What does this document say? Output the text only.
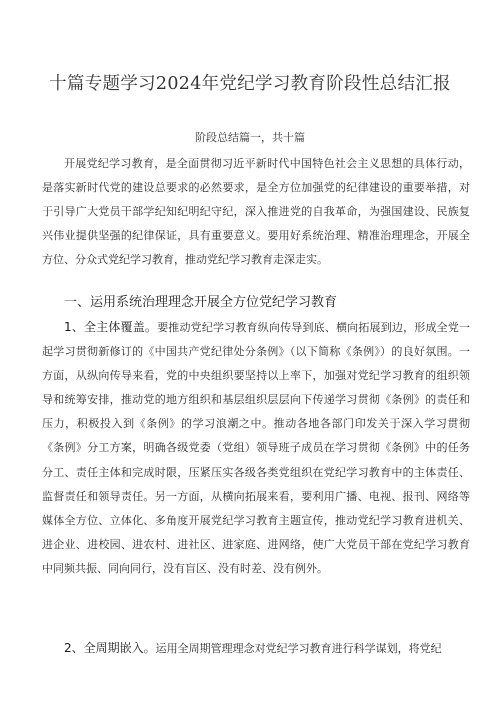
十篇专题学习2024年党纪学习教育阶段性总结汇报
阶段总结篇一，共十篇

开展党纪学习教育，是全面贯彻习近平新时代中国特色社会主义思想的具体行动，是落实新时代党的建设总要求的必然要求，是全方位加强党的纪律建设的重要举措，对于引导广大党员干部学纪知纪明纪守纪，深入推进党的自我革命，为强国建设、民族复兴伟业提供坚强的纪律保证，具有重要意义。要用好系统治理、精准治理理念，开展全方位、分众式党纪学习教育，推动党纪学习教育走深走实。

一、运用系统治理理念开展全方位党纪学习教育

1、全主体覆盖。要推动党纪学习教育纵向传导到底、横向拓展到边，形成全党一起学习贯彻新修订的《中国共产党纪律处分条例》（以下简称《条例》）的良好氛围。一方面，从纵向传导来看，党的中央组织要坚持以上率下，加强对党纪学习教育的组织领导和统筹安排，推动党的地方组织和基层组织层层向下传递学习贯彻《条例》的责任和压力，积极投入到《条例》的学习浪潮之中。推动各地各部门印发关于深入学习贯彻《条例》分工方案，明确各级党委（党组）领导班子成员在学习贯彻《条例》中的任务分工、责任主体和完成时限，压紧压实各级各类党组织在党纪学习教育中的主体责任、监督责任和领导责任。另一方面，从横向拓展来看，要利用广播、电视、报刊、网络等媒体全方位、立体化、多角度开展党纪学习教育主题宣传，推动党纪学习教育进机关、进企业、进校园、进农村、进社区、进家庭、进网络，使广大党员干部在党纪学习教育中同频共振、同向同行，没有盲区、没有时差、没有例外。

2、全周期嵌入。运用全周期管理理念对党纪学习教育进行科学谋划，将党纪
